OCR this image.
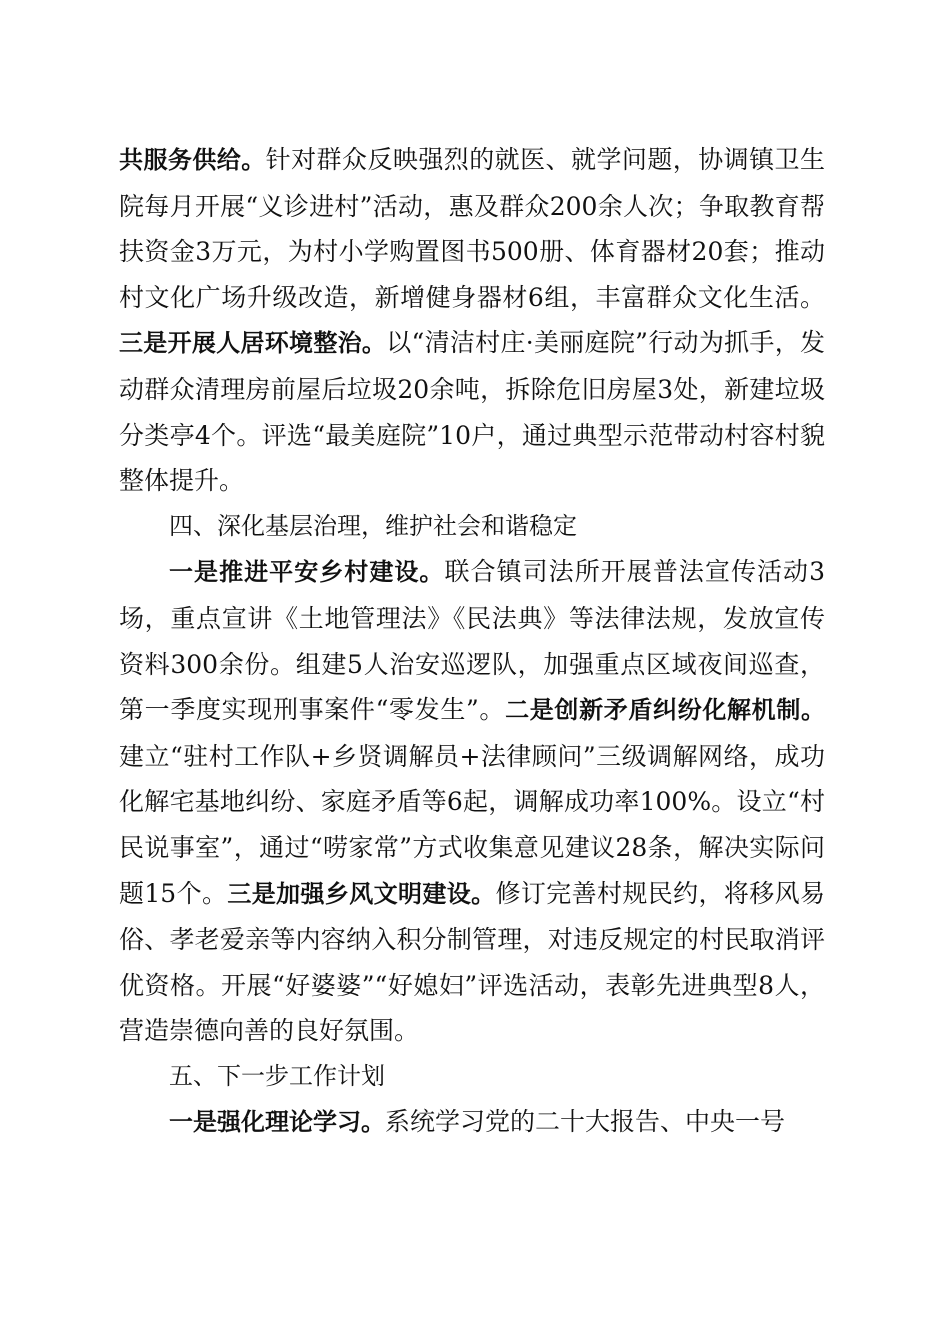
共服务供给。针对群众反映强烈的就医、就学问题，协调镇卫生院每月开展“义诊进村”活动，惠及群众200余人次；争取教育帮扶资金3万元，为村小学购置图书500册、体育器材20套；推动村文化广场升级改造，新增健身器材6组，丰富群众文化生活。三是开展人居环境整治。以“清洁村庄·美丽庭院”行动为抓手，发动群众清理房前屋后垃圾20余吨，拆除危旧房屋3处，新建垃圾分类亭4个。评选“最美庭院”10户，通过典型示范带动村容村貌整体提升。

四、深化基层治理，维护社会和谐稳定

一是推进平安乡村建设。联合镇司法所开展普法宣传活动3场，重点宣讲《土地管理法》《民法典》等法律法规，发放宣传资料300余份。组建5人治安巡逻队，加强重点区域夜间巡查，第一季度实现刑事案件“零发生”。二是创新矛盾纠纷化解机制。建立“驻村工作队+乡贤调解员+法律顾问”三级调解网络，成功化解宅基地纠纷、家庭矛盾等6起，调解成功率100%。设立“村民说事室”，通过“唠家常”方式收集意见建议28条，解决实际问题15个。三是加强乡风文明建设。修订完善村规民约，将移风易俗、孝老爱亲等内容纳入积分制管理，对违反规定的村民取消评优资格。开展“好婆婆”“好媳妇”评选活动，表彰先进典型8人，营造崇德向善的良好氛围。

五、下一步工作计划

一是强化理论学习。系统学习党的二十大报告、中央一号
